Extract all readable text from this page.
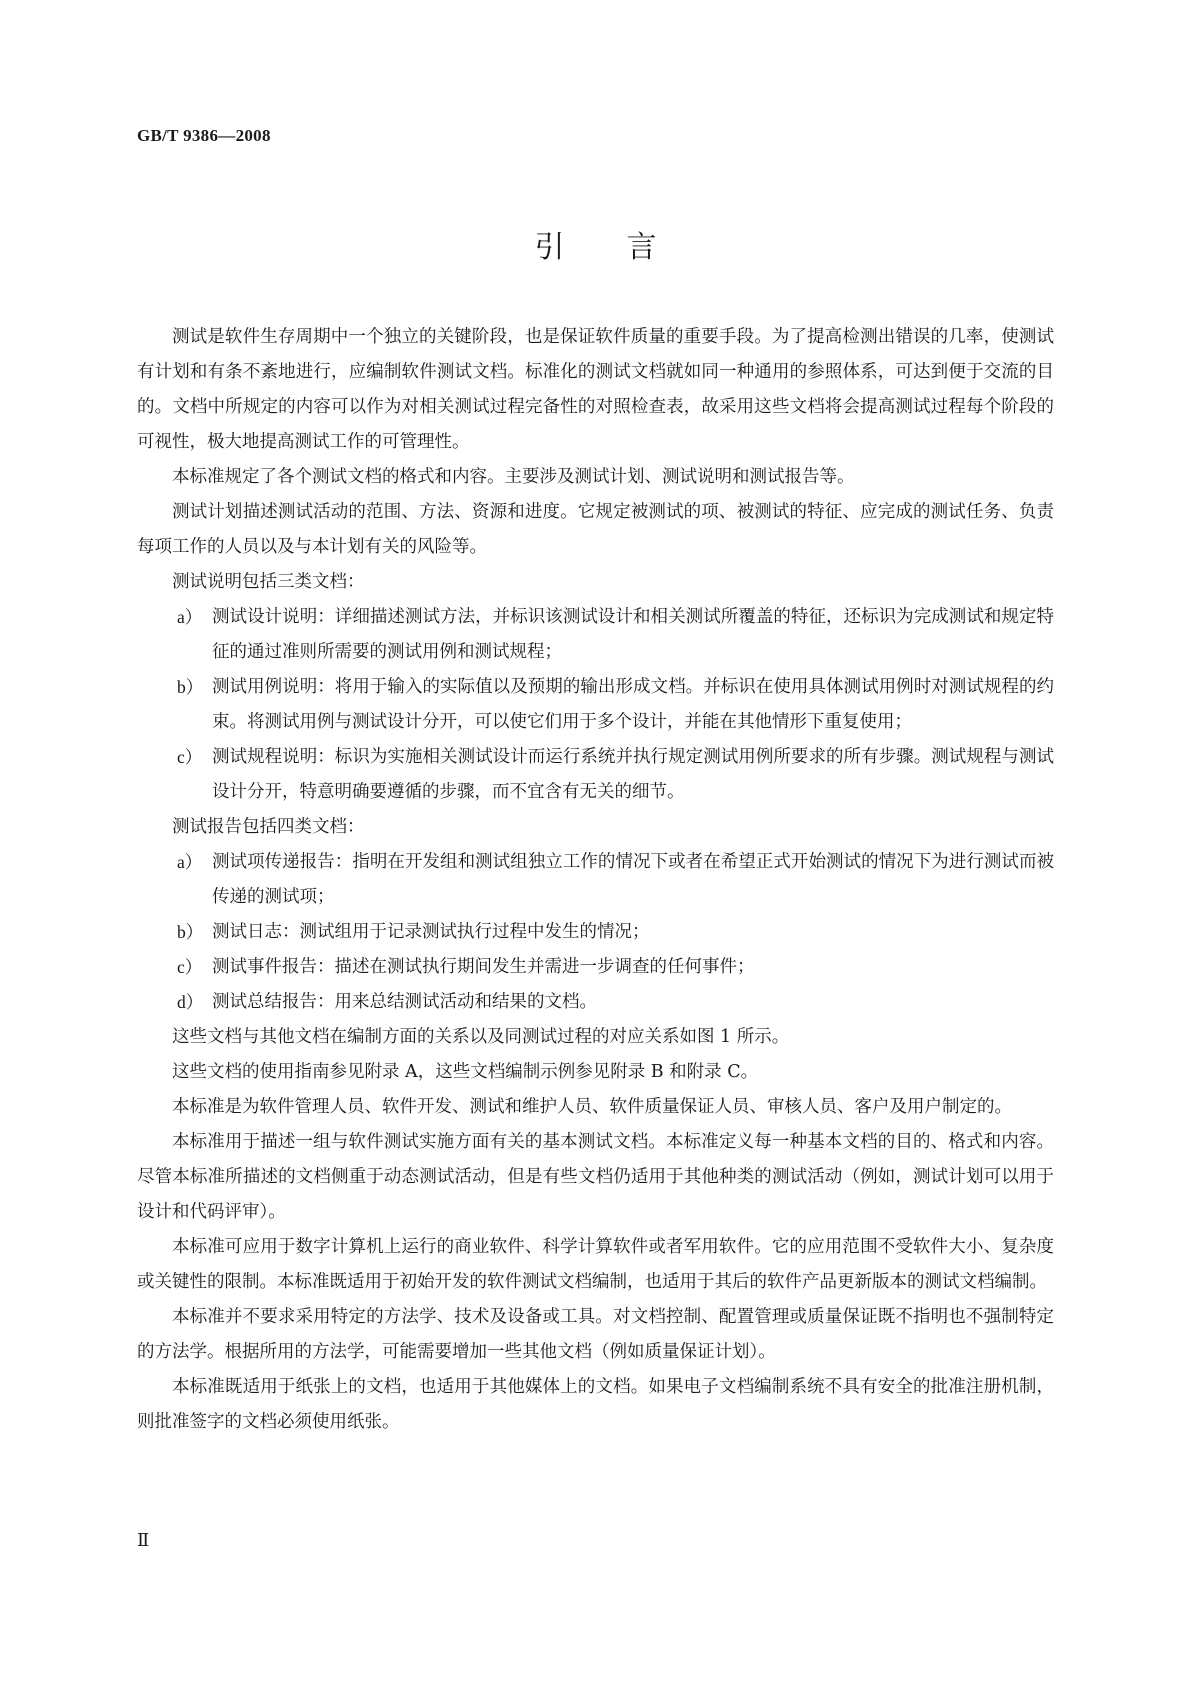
GB/T 9386—2008
引言

测试是软件生存周期中一个独立的关键阶段，也是保证软件质量的重要手段。为了提高检测出错误的几率，使测试有计划和有条不紊地进行，应编制软件测试文档。标准化的测试文档就如同一种通用的参照体系，可达到便于交流的目的。文档中所规定的内容可以作为对相关测试过程完备性的对照检查表，故采用这些文档将会提高测试过程每个阶段的可视性，极大地提高测试工作的可管理性。

本标准规定了各个测试文档的格式和内容。主要涉及测试计划、测试说明和测试报告等。

测试计划描述测试活动的范围、方法、资源和进度。它规定被测试的项、被测试的特征、应完成的测试任务、负责每项工作的人员以及与本计划有关的风险等。

测试说明包括三类文档：

a） 测试设计说明：详细描述测试方法，并标识该测试设计和相关测试所覆盖的特征，还标识为完成测试和规定特征的通过准则所需要的测试用例和测试规程；
b） 测试用例说明：将用于输入的实际值以及预期的输出形成文档。并标识在使用具体测试用例时对测试规程的约束。将测试用例与测试设计分开，可以使它们用于多个设计，并能在其他情形下重复使用；
c） 测试规程说明：标识为实施相关测试设计而运行系统并执行规定测试用例所要求的所有步骤。测试规程与测试设计分开，特意明确要遵循的步骤，而不宜含有无关的细节。

测试报告包括四类文档：

a） 测试项传递报告：指明在开发组和测试组独立工作的情况下或者在希望正式开始测试的情况下为进行测试而被传递的测试项；
b） 测试日志：测试组用于记录测试执行过程中发生的情况；
c） 测试事件报告：描述在测试执行期间发生并需进一步调查的任何事件；
d） 测试总结报告：用来总结测试活动和结果的文档。

这些文档与其他文档在编制方面的关系以及同测试过程的对应关系如图 1 所示。

这些文档的使用指南参见附录 A，这些文档编制示例参见附录 B 和附录 C。

本标准是为软件管理人员、软件开发、测试和维护人员、软件质量保证人员、审核人员、客户及用户制定的。

本标准用于描述一组与软件测试实施方面有关的基本测试文档。本标准定义每一种基本文档的目的、格式和内容。尽管本标准所描述的文档侧重于动态测试活动，但是有些文档仍适用于其他种类的测试活动（例如，测试计划可以用于设计和代码评审）。

本标准可应用于数字计算机上运行的商业软件、科学计算软件或者军用软件。它的应用范围不受软件大小、复杂度或关键性的限制。本标准既适用于初始开发的软件测试文档编制，也适用于其后的软件产品更新版本的测试文档编制。

本标准并不要求采用特定的方法学、技术及设备或工具。对文档控制、配置管理或质量保证既不指明也不强制特定的方法学。根据所用的方法学，可能需要增加一些其他文档（例如质量保证计划）。

本标准既适用于纸张上的文档，也适用于其他媒体上的文档。如果电子文档编制系统不具有安全的批准注册机制，则批准签字的文档必须使用纸张。

Ⅱ
